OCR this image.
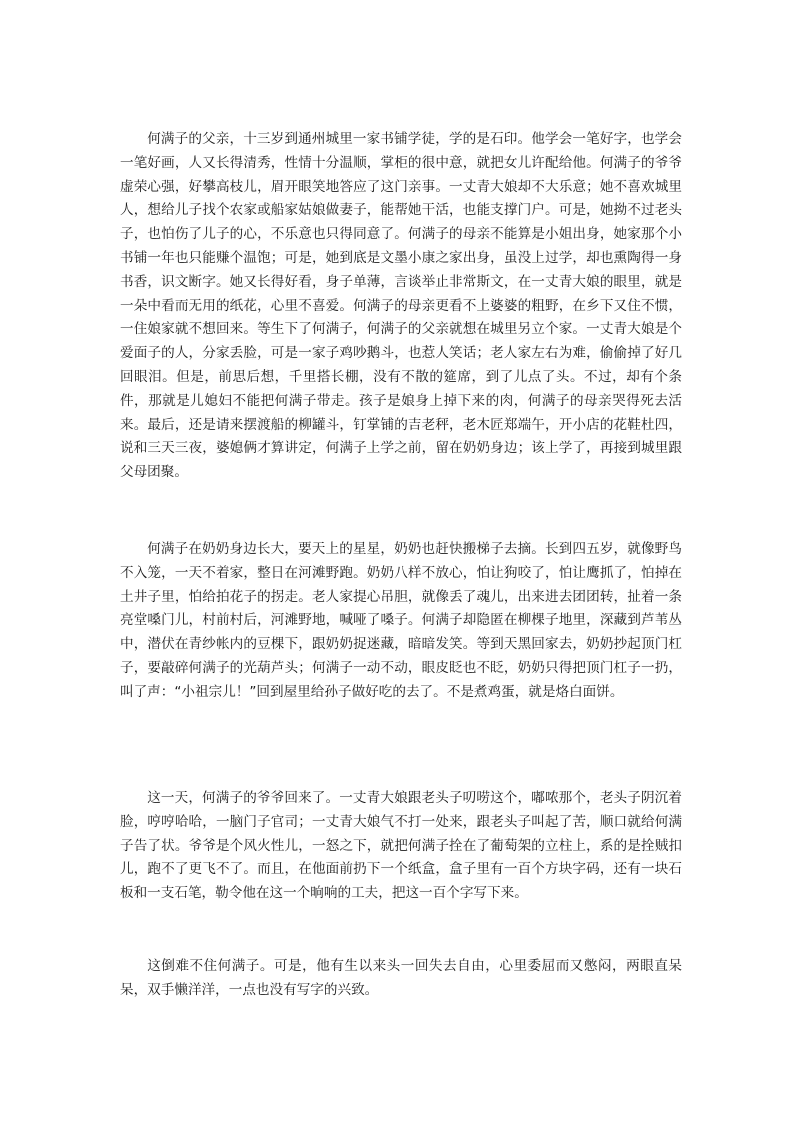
何满子的父亲，十三岁到通州城里一家书铺学徒，学的是石印。他学会一笔好字，也学会一笔好画，人又长得清秀，性情十分温顺，掌柜的很中意，就把女儿许配给他。何满子的爷爷虚荣心强，好攀高枝儿，眉开眼笑地答应了这门亲事。一丈青大娘却不大乐意；她不喜欢城里人，想给儿子找个农家或船家姑娘做妻子，能帮她干活，也能支撑门户。可是，她拗不过老头子，也怕伤了儿子的心，不乐意也只得同意了。何满子的母亲不能算是小姐出身，她家那个小书铺一年也只能赚个温饱；可是，她到底是文墨小康之家出身，虽没上过学，却也熏陶得一身书香，识文断字。她又长得好看，身子单薄，言谈举止非常斯文，在一丈青大娘的眼里，就是一朵中看而无用的纸花，心里不喜爱。何满子的母亲更看不上婆婆的粗野，在乡下又住不惯，一住娘家就不想回来。等生下了何满子，何满子的父亲就想在城里另立个家。一丈青大娘是个爱面子的人，分家丢脸，可是一家子鸡吵鹅斗，也惹人笑话；老人家左右为难，偷偷掉了好几回眼泪。但是，前思后想，千里搭长棚，没有不散的筵席，到了儿点了头。不过，却有个条件，那就是儿媳妇不能把何满子带走。孩子是娘身上掉下来的肉，何满子的母亲哭得死去活来。最后，还是请来摆渡船的柳罐斗，钉掌铺的吉老秤，老木匠郑端午，开小店的花鞋杜四，说和三天三夜，婆媳俩才算讲定，何满子上学之前，留在奶奶身边；该上学了，再接到城里跟父母团聚。

何满子在奶奶身边长大，要天上的星星，奶奶也赶快搬梯子去摘。长到四五岁，就像野鸟不入笼，一天不着家，整日在河滩野跑。奶奶八样不放心，怕让狗咬了，怕让鹰抓了，怕掉在土井子里，怕给拍花子的拐走。老人家提心吊胆，就像丢了魂儿，出来进去团团转，扯着一条亮堂嗓门儿，村前村后，河滩野地，喊哑了嗓子。何满子却隐匿在柳棵子地里，深藏到芦苇丛中，潜伏在青纱帐内的豆棵下，跟奶奶捉迷藏，暗暗发笑。等到天黑回家去，奶奶抄起顶门杠子，要敲碎何满子的光葫芦头；何满子一动不动，眼皮眨也不眨，奶奶只得把顶门杠子一扔，叫了声：“小祖宗儿！”回到屋里给孙子做好吃的去了。不是煮鸡蛋，就是烙白面饼。

这一天，何满子的爷爷回来了。一丈青大娘跟老头子叨唠这个，嘟哝那个，老头子阴沉着脸，哼哼哈哈，一脑门子官司；一丈青大娘气不打一处来，跟老头子叫起了苦，顺口就给何满子告了状。爷爷是个风火性儿，一怒之下，就把何满子拴在了葡萄架的立柱上，系的是拴贼扣儿，跑不了更飞不了。而且，在他面前扔下一个纸盒，盒子里有一百个方块字码，还有一块石板和一支石笔，勒令他在这一个晌响的工夫，把这一百个字写下来。

这倒难不住何满子。可是，他有生以来头一回失去自由，心里委屈而又憋闷，两眼直呆呆，双手懒洋洋，一点也没有写字的兴致。
